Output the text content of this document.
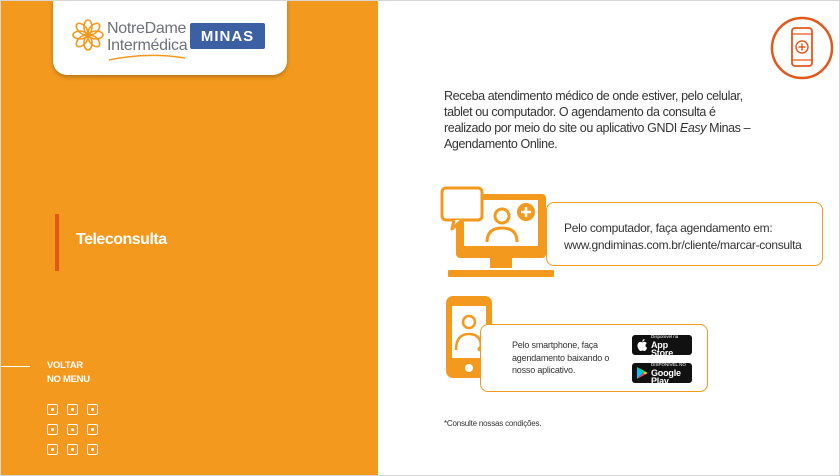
NotreDame
Intermédica
MINAS
Teleconsulta
VOLTAR
NO MENU

Receba atendimento médico de onde estiver, pelo celular, tablet ou computador. O agendamento da consulta é realizado por meio do site ou aplicativo GNDI Easy Minas – Agendamento Online.

Pelo computador, faça agendamento em:
www.gndiminas.com.br/cliente/marcar-consulta
Pelo smartphone, faça agendamento baixando o nosso aplicativo.
Disponível na
App Store
DISPONÍVEL NO
Google Play
*Consulte nossas condições.
